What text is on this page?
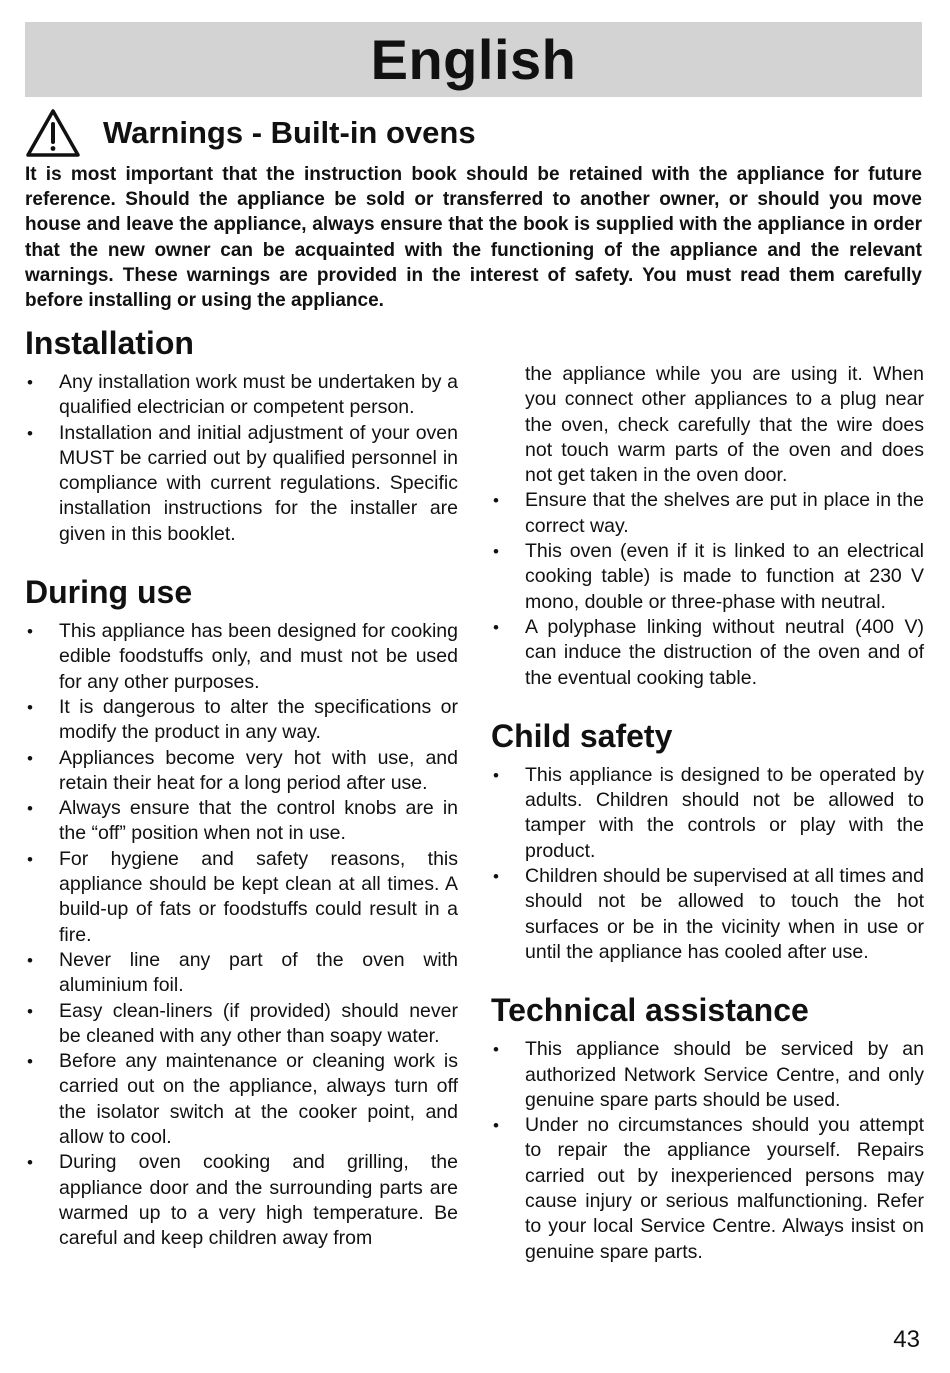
English
Warnings - Built-in ovens

It is most important that the instruction book should be retained with the appliance for future reference. Should the appliance be sold or transferred to another owner, or should you move house and leave the appliance, always ensure that the book is supplied with the appliance in order that the new owner can be acquainted with the functioning of the appliance and the relevant warnings. These warnings are provided in the interest of safety. You must read them carefully before installing or using the appliance.

Installation
• Any installation work must be undertaken by a qualified electrician or competent person.
• Installation and initial adjustment of your oven MUST be carried out by qualified personnel in compliance with current regulations. Specific installation instructions for the installer are given in this booklet.
During use
• This appliance has been designed for cooking edible foodstuffs only, and must not be used for any other purposes.
• It is dangerous to alter the specifications or modify the product in any way.
• Appliances become very hot with use, and retain their heat for a long period after use.
• Always ensure that the control knobs are in the “off” position when not in use.
• For hygiene and safety reasons, this appliance should be kept clean at all times. A build-up of fats or foodstuffs could result in a fire.
• Never line any part of the oven with aluminium foil.
• Easy clean-liners (if provided) should never be cleaned with any other than soapy water.
• Before any maintenance or cleaning work is carried out on the appliance, always turn off the isolator switch at the cooker point, and allow to cool.
• During oven cooking and grilling, the appliance door and the surrounding parts are warmed up to a very high temperature. Be careful and keep children away from
the appliance while you are using it. When you connect other appliances to a plug near the oven, check carefully that the wire does not touch warm parts of the oven and does not get taken in the oven door.
• Ensure that the shelves are put in place in the correct way.
• This oven (even if it is linked to an electrical cooking table) is made to function at 230 V mono, double or three-phase with neutral.
• A polyphase linking without neutral (400 V) can induce the distruction of the oven and of the eventual cooking table.
Child safety
• This appliance is designed to be operated by adults. Children should not be allowed to tamper with the controls or play with the product.
• Children should be supervised at all times and should not be allowed to touch the hot surfaces or be in the vicinity when in use or until the appliance has cooled after use.
Technical assistance
• This appliance should be serviced by an authorized Network Service Centre, and only genuine spare parts should be used.
• Under no circumstances should you attempt to repair the appliance yourself. Repairs carried out by inexperienced persons may cause injury or serious malfunctioning. Refer to your local Service Centre. Always insist on genuine spare parts.
43
